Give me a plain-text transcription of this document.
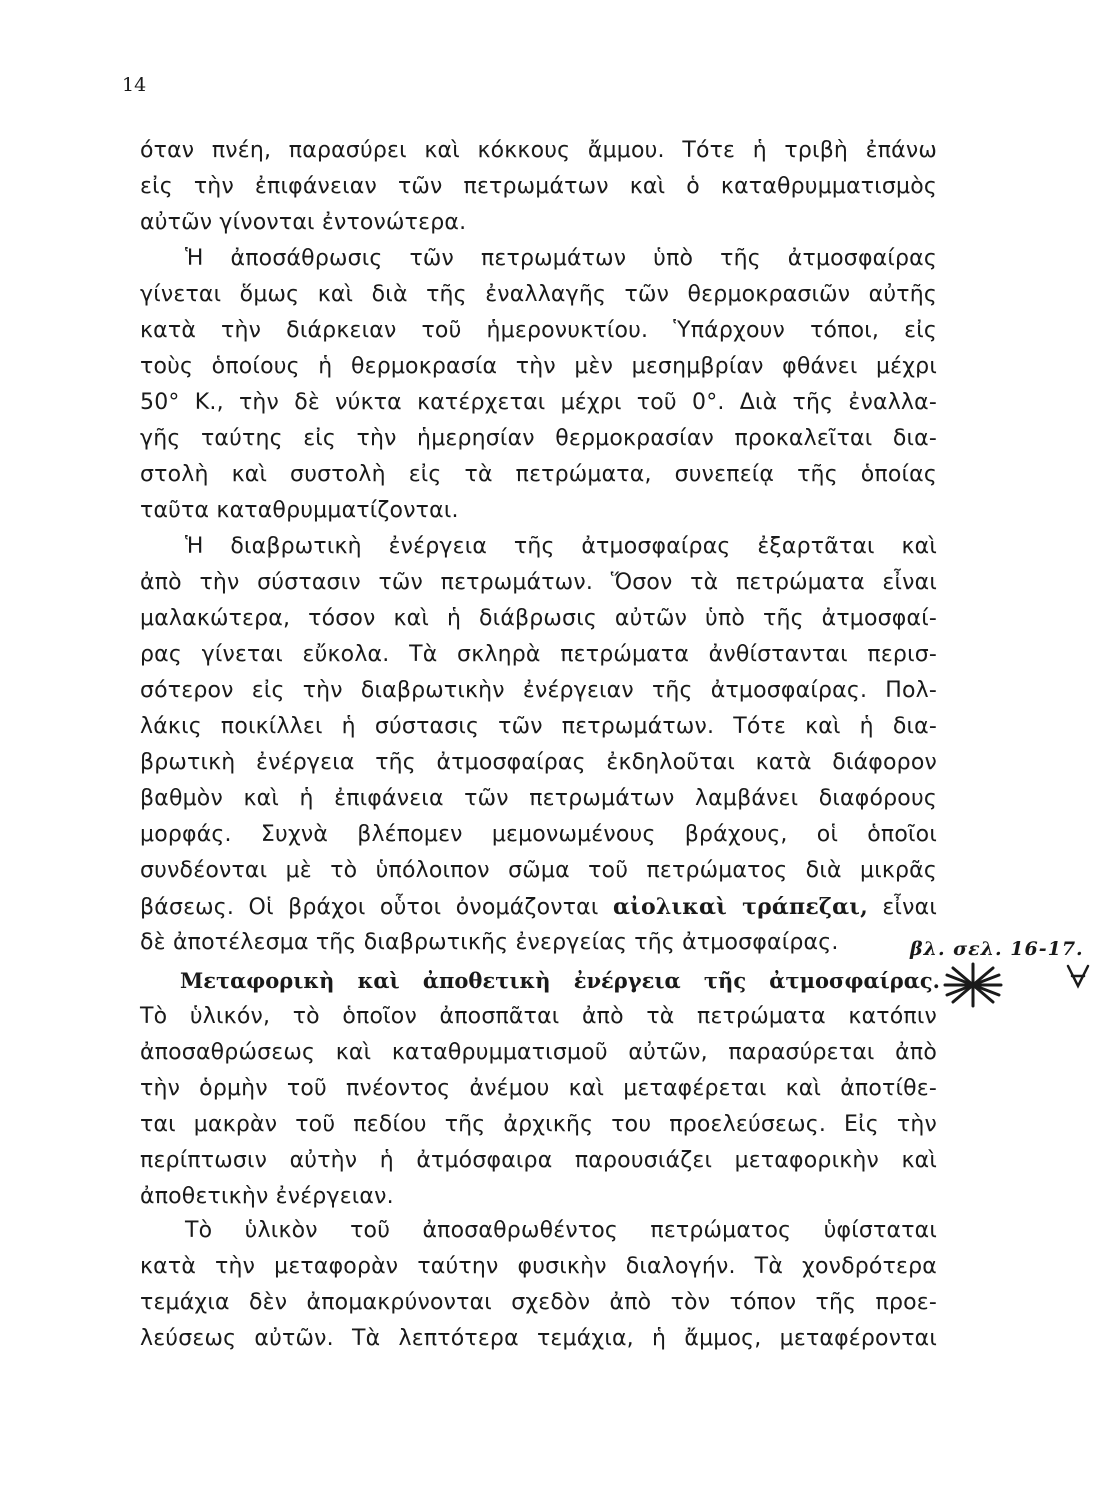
14
όταν πνέη, παρασύρει καὶ κόκκους ἄμμου. Τότε ἡ τριβὴ ἐπάνω
εἰς τὴν ἐπιφάνειαν τῶν πετρωμάτων καὶ ὁ καταθρυμματισμὸς
αὐτῶν γίνονται ἐντονώτερα.
Ἡ ἀποσάθρωσις τῶν πετρωμάτων ὑπὸ τῆς ἀτμοσφαίρας
γίνεται ὅμως καὶ διὰ τῆς ἐναλλαγῆς τῶν θερμοκρασιῶν αὐτῆς
κατὰ τὴν διάρκειαν τοῦ ἡμερονυκτίου. Ὑπάρχουν τόποι, εἰς
τοὺς ὁποίους ἡ θερμοκρασία τὴν μὲν μεσημβρίαν φθάνει μέχρι
50° Κ., τὴν δὲ νύκτα κατέρχεται μέχρι τοῦ 0°. Διὰ τῆς ἐναλλα-
γῆς ταύτης εἰς τὴν ἡμερησίαν θερμοκρασίαν προκαλεῖται δια-
στολὴ καὶ συστολὴ εἰς τὰ πετρώματα, συνεπείᾳ τῆς ὁποίας
ταῦτα καταθρυμματίζονται.
Ἡ διαβρωτικὴ ἐνέργεια τῆς ἀτμοσφαίρας ἐξαρτᾶται καὶ
ἀπὸ τὴν σύστασιν τῶν πετρωμάτων. Ὅσον τὰ πετρώματα εἶναι
μαλακώτερα, τόσον καὶ ἡ διάβρωσις αὐτῶν ὑπὸ τῆς ἀτμοσφαί-
ρας γίνεται εὔκολα. Τὰ σκληρὰ πετρώματα ἀνθίστανται περισ-
σότερον εἰς τὴν διαβρωτικὴν ἐνέργειαν τῆς ἀτμοσφαίρας. Πολ-
λάκις ποικίλλει ἡ σύστασις τῶν πετρωμάτων. Τότε καὶ ἡ δια-
βρωτικὴ ἐνέργεια τῆς ἀτμοσφαίρας ἐκδηλοῦται κατὰ διάφορον
βαθμὸν καὶ ἡ ἐπιφάνεια τῶν πετρωμάτων λαμβάνει διαφόρους
μορφάς. Συχνὰ βλέπομεν μεμονωμένους βράχους, οἱ ὁποῖοι
συνδέονται μὲ τὸ ὑπόλοιπον σῶμα τοῦ πετρώματος διὰ μικρᾶς
βάσεως. Οἱ βράχοι οὗτοι ὀνομάζονται αἰολικαὶ τράπεζαι, εἶναι
δὲ ἀποτέλεσμα τῆς διαβρωτικῆς ἐνεργείας τῆς ἀτμοσφαίρας.	βλ. σελ. 16-17.
Μεταφορικὴ καὶ ἀποθετικὴ ἐνέργεια τῆς ἀτμοσφαίρας.
Τὸ ὑλικόν, τὸ ὁποῖον ἀποσπᾶται ἀπὸ τὰ πετρώματα κατόπιν
ἀποσαθρώσεως καὶ καταθρυμματισμοῦ αὐτῶν, παρασύρεται ἀπὸ
τὴν ὁρμὴν τοῦ πνέοντος ἀνέμου καὶ μεταφέρεται καὶ ἀποτίθε-
ται μακρὰν τοῦ πεδίου τῆς ἀρχικῆς του προελεύσεως. Εἰς τὴν
περίπτωσιν αὐτὴν ἡ ἀτμόσφαιρα παρουσιάζει μεταφορικὴν καὶ
ἀποθετικὴν ἐνέργειαν.
Τὸ ὑλικὸν τοῦ ἀποσαθρωθέντος πετρώματος ὑφίσταται
κατὰ τὴν μεταφορὰν ταύτην φυσικὴν διαλογήν. Τὰ χονδρότερα
τεμάχια δὲν ἀπομακρύνονται σχεδὸν ἀπὸ τὸν τόπον τῆς προε-
λεύσεως αὐτῶν. Τὰ λεπτότερα τεμάχια, ἡ ἄμμος, μεταφέρονται
